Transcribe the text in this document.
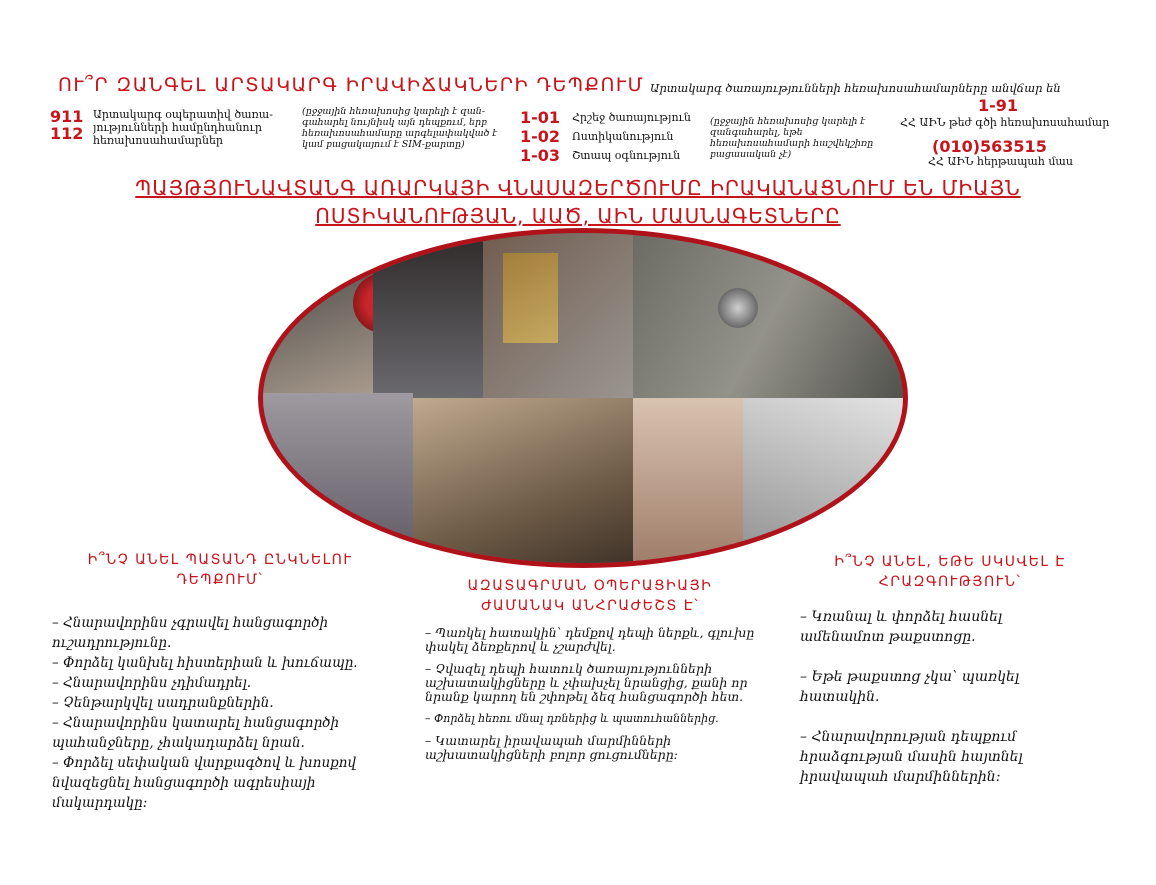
ՈՒ՞Ր ԶԱՆԳԵԼ ԱՐՏԱԿԱՐԳ ԻՐԱՎԻՃԱԿՆԵՐԻ ԴԵՊՔՈՒՄ Արտակարգ ծառայությունների հեռախոսահամարները անվճար են
911
112
Արտակարգ օպերատիվ ծառա- յությունների համընդհանուր հեռախոսահամարներ
(ըջջային հեռախոսից կարելի է զան-գահարել նույնիսկ այն դեպքում, երբ հեռախոսահամարը արգելափակված է կամ բացակայում է SIM-քարտը)
1-01	Հրշեջ ծառայություն
1-02	Ոստիկանություն
1-03	Շտապ օգնություն
(ըջջային հեռախոսից կարելի է զանգահարել, եթե հեռախոսահամարի հաշվեկշիռը բացասական չէ)
1-91
ՀՀ ԱԻՆ թեժ գծի հեռախոսահամար
(010)563515
ՀՀ ԱԻՆ հերթապահ մաս
ՊԱՅԹՅՈՒՆԱՎՏԱՆԳ ԱՌԱՐԿԱՅԻ ՎՆԱՍԱԶԵՐԾՈՒՄԸ ԻՐԱԿԱՆԱՑՆՈՒՄ ԵՆ ՄԻԱՅՆ
ՈՍՏԻԿԱՆՈՒԹՅԱՆ, ԱԱԾ, ԱԻՆ ՄԱՍՆԱԳԵՏՆԵՐԸ
Ի՞ՆՉ ԱՆԵԼ ՊԱՏԱՆԴ ԸՆԿՆԵԼՈՒ ԴԵՊՔՈՒՄ՝
– Հնարավորինս չգրավել հանցագործի ուշադրությունը.
– Փորձել կանխել հիստերիան և խուճապը.
– Հնարավորինս չդիմադրել.
– Չենթարկվել սադրանքներին.
– Հնարավորինս կատարել հանցագործի պահանջները, չհակադարձել նրան.
– Փորձել սեփական վարքագծով և խոսքով նվազեցնել հանցագործի ագրեսիայի մակարդակը:
ԱԶԱՏԱԳՐՄԱՆ ՕՊԵՐԱՑԻԱՅԻ ԺԱՄԱՆԱԿ ԱՆՀՐԱԺԵՇՏ Է՝
– Պառկել հատակին՝ դեմքով դեպի ներքև, գլուխը փակել ձեռքերով և չշարժվել.
– Չվազել դեպի հատուկ ծառայությունների աշխատակիցները և չփախչել նրանցից, քանի որ նրանք կարող են շփոթել ձեզ հանցագործի հետ.
– Փորձել հեռու մնալ դռներից և պատուհաններից.
– Կատարել իրավապահ մարմինների աշխատակիցների բոլոր ցուցումները:
Ի՞ՆՉ ԱՆԵԼ, ԵԹԵ ՍԿՍՎԵԼ Է ՀՐԱԶԳՈՒԹՅՈՒՆ՝
– Կռանալ և փորձել հասնել ամենամոտ թաքստոցը.
– Եթե թաքստոց չկա՝ պառկել հատակին.
– Հնարավորության դեպքում հրաձգության մասին հայտնել իրավապահ մարմիններին:
